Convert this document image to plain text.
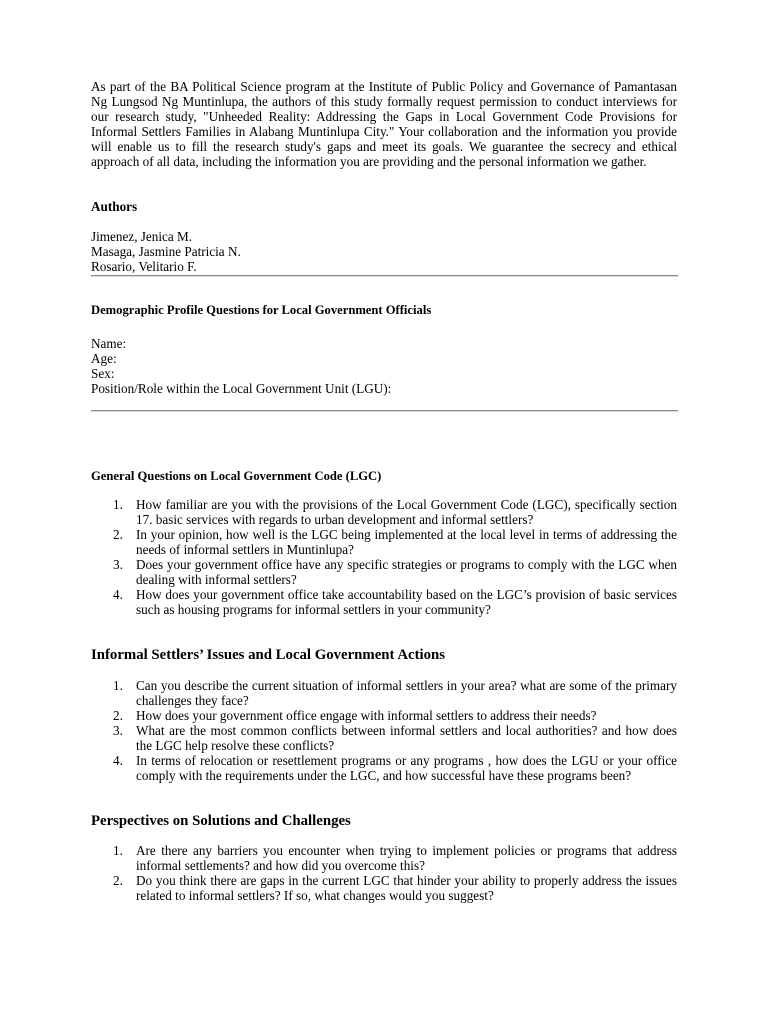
As part of the BA Political Science program at the Institute of Public Policy and Governance of Pamantasan Ng Lungsod Ng Muntinlupa, the authors of this study formally request permission to conduct interviews for our research study, "Unheeded Reality: Addressing the Gaps in Local Government Code Provisions for Informal Settlers Families in Alabang Muntinlupa City." Your collaboration and the information you provide will enable us to fill the research study's gaps and meet its goals. We guarantee the secrecy and ethical approach of all data, including the information you are providing and the personal information we gather.

Authors
Jimenez, Jenica M.
Masaga, Jasmine Patricia N.
Rosario, Velitario F.
Demographic Profile Questions for Local Government Officials
Name:
Age:
Sex:
Position/Role within the Local Government Unit (LGU):
General Questions on Local Government Code (LGC)
1. How familiar are you with the provisions of the Local Government Code (LGC), specifically section 17. basic services with regards to urban development and informal settlers?
2. In your opinion, how well is the LGC being implemented at the local level in terms of addressing the needs of informal settlers in Muntinlupa?
3. Does your government office have any specific strategies or programs to comply with the LGC when dealing with informal settlers?
4. How does your government office take accountability based on the LGC’s provision of basic services such as housing programs for informal settlers in your community?
Informal Settlers’ Issues and Local Government Actions
1. Can you describe the current situation of informal settlers in your area? what are some of the primary challenges they face?
2. How does your government office engage with informal settlers to address their needs?
3. What are the most common conflicts between informal settlers and local authorities? and how does the LGC help resolve these conflicts?
4. In terms of relocation or resettlement programs or any programs , how does the LGU or your office comply with the requirements under the LGC, and how successful have these programs been?
Perspectives on Solutions and Challenges
1. Are there any barriers you encounter when trying to implement policies or programs that address informal settlements? and how did you overcome this?
2. Do you think there are gaps in the current LGC that hinder your ability to properly address the issues related to informal settlers? If so, what changes would you suggest?
